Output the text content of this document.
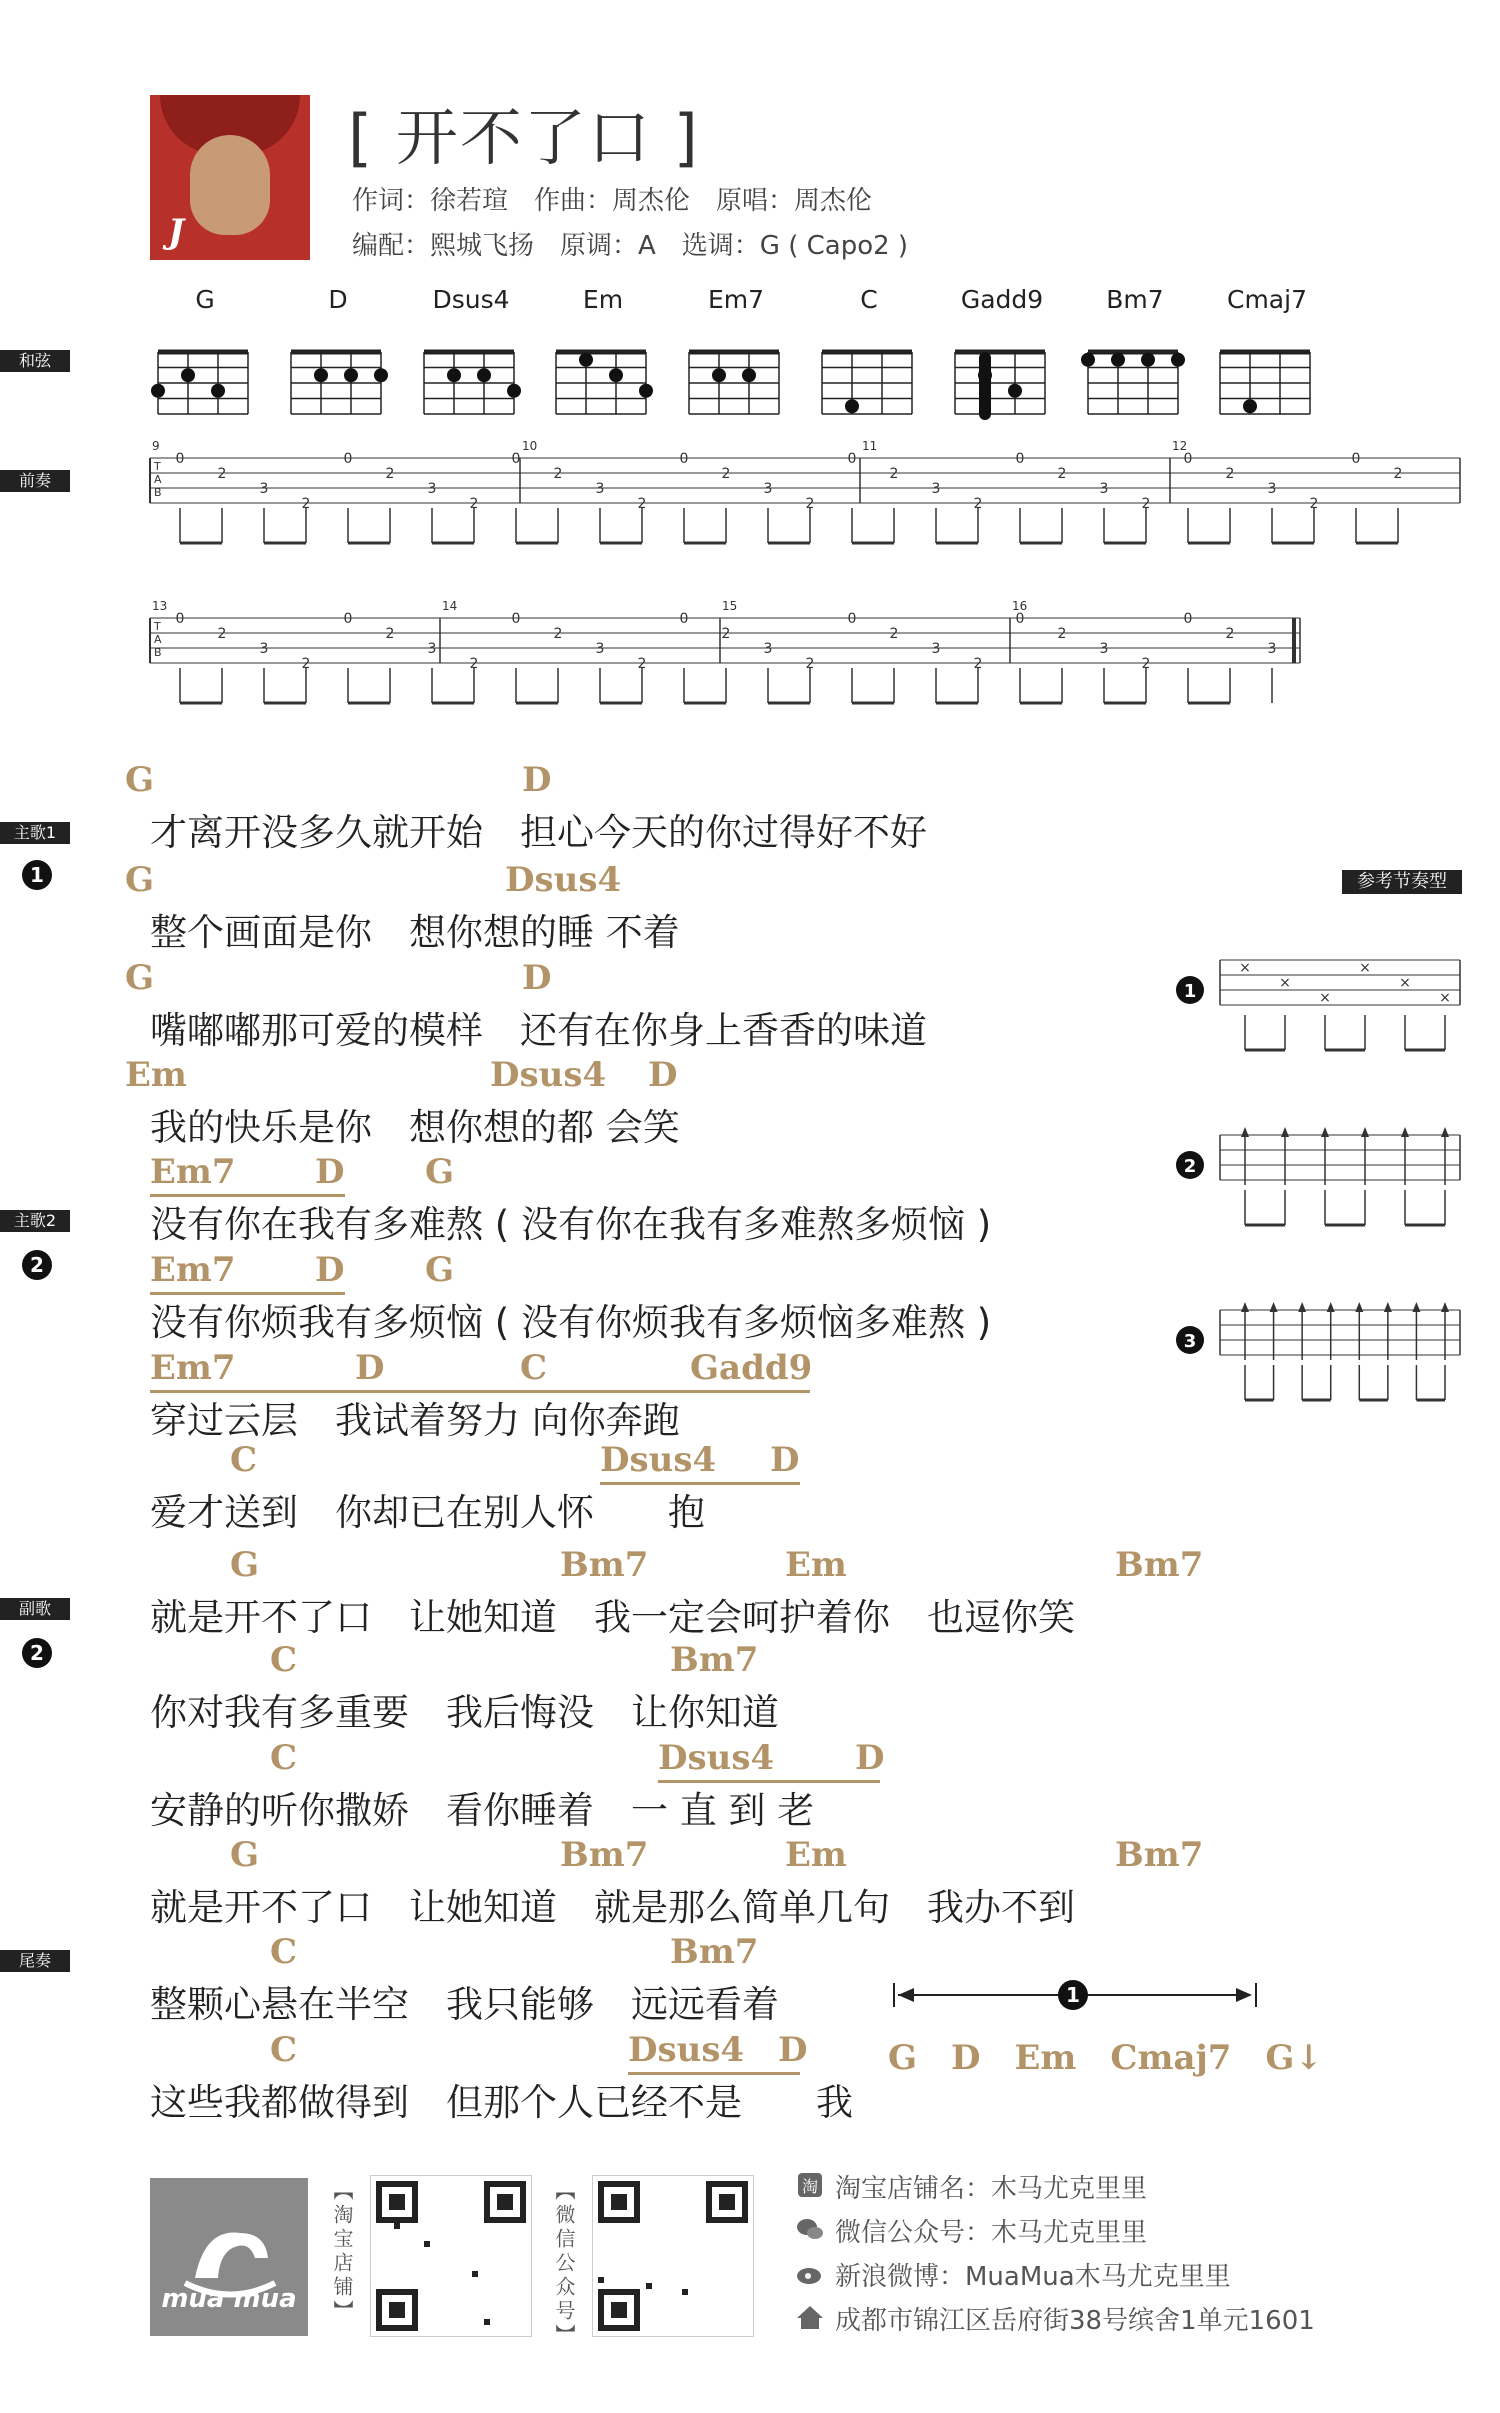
J
[ 开不了口 ]
作词：徐若瑄　作曲：周杰伦　原唱：周杰伦
编配：熙城飞扬　原调：A　选调：G ( Capo2 )
和弦
G	D	Dsus4	Em	Em7	C	Gadd9	Bm7	Cmaj7
前奏
T
A
B
9	10	11	12
0
2
3
2
0
2
3
2
0
2
3
2
0
2
3
2
0
2
3
2
0
2
3
2
0
2
3
2
0
2
T
A
B
13	14	15	16
0
2
3
2
0
2
3
2
0
2
3
2
0
2
3
2
0
2
3
2
0
2
3
2
0
2
3
主歌1
1
主歌2
2
副歌
2
尾奏
G	D
才离开没多久就开始　担心今天的你过得好不好
G	Dsus4
整个画面是你　想你想的睡 不着
G	D
嘴嘟嘟那可爱的模样　还有在你身上香香的味道
Em	Dsus4 D
我的快乐是你　想你想的都 会笑
Em7 D G
没有你在我有多难熬 ( 没有你在我有多难熬多烦恼 )
Em7 D G
没有你烦我有多烦恼 ( 没有你烦我有多烦恼多难熬 )
Em7	D	C	Gadd9
穿过云层　我试着努力 向你奔跑
C	Dsus4 D
爱才送到　你却已在别人怀　　抱
G	Bm7	Em	Bm7
就是开不了口　让她知道　我一定会呵护着你　也逗你笑
C	Bm7
你对我有多重要　我后悔没　让你知道
C	Dsus4 D
安静的听你撒娇　看你睡着　一 直 到 老
G	Bm7	Em	Bm7
就是开不了口　让她知道　就是那么简单几句　我办不到
C	Bm7
整颗心悬在半空　我只能够　远远看着
C	Dsus4 D
这些我都做得到　但那个人已经不是　　我
1
G　D　Em　Cmaj7　G↓
参考节奏型
1
×
×
×
×
×
×
2
3
mua mua	【淘宝店铺】	【微信公众号】	淘 淘宝店铺名：木马尤克里里
微信公众号：木马尤克里里
新浪微博：MuaMua木马尤克里里
成都市锦江区岳府街38号缤舍1单元1601
